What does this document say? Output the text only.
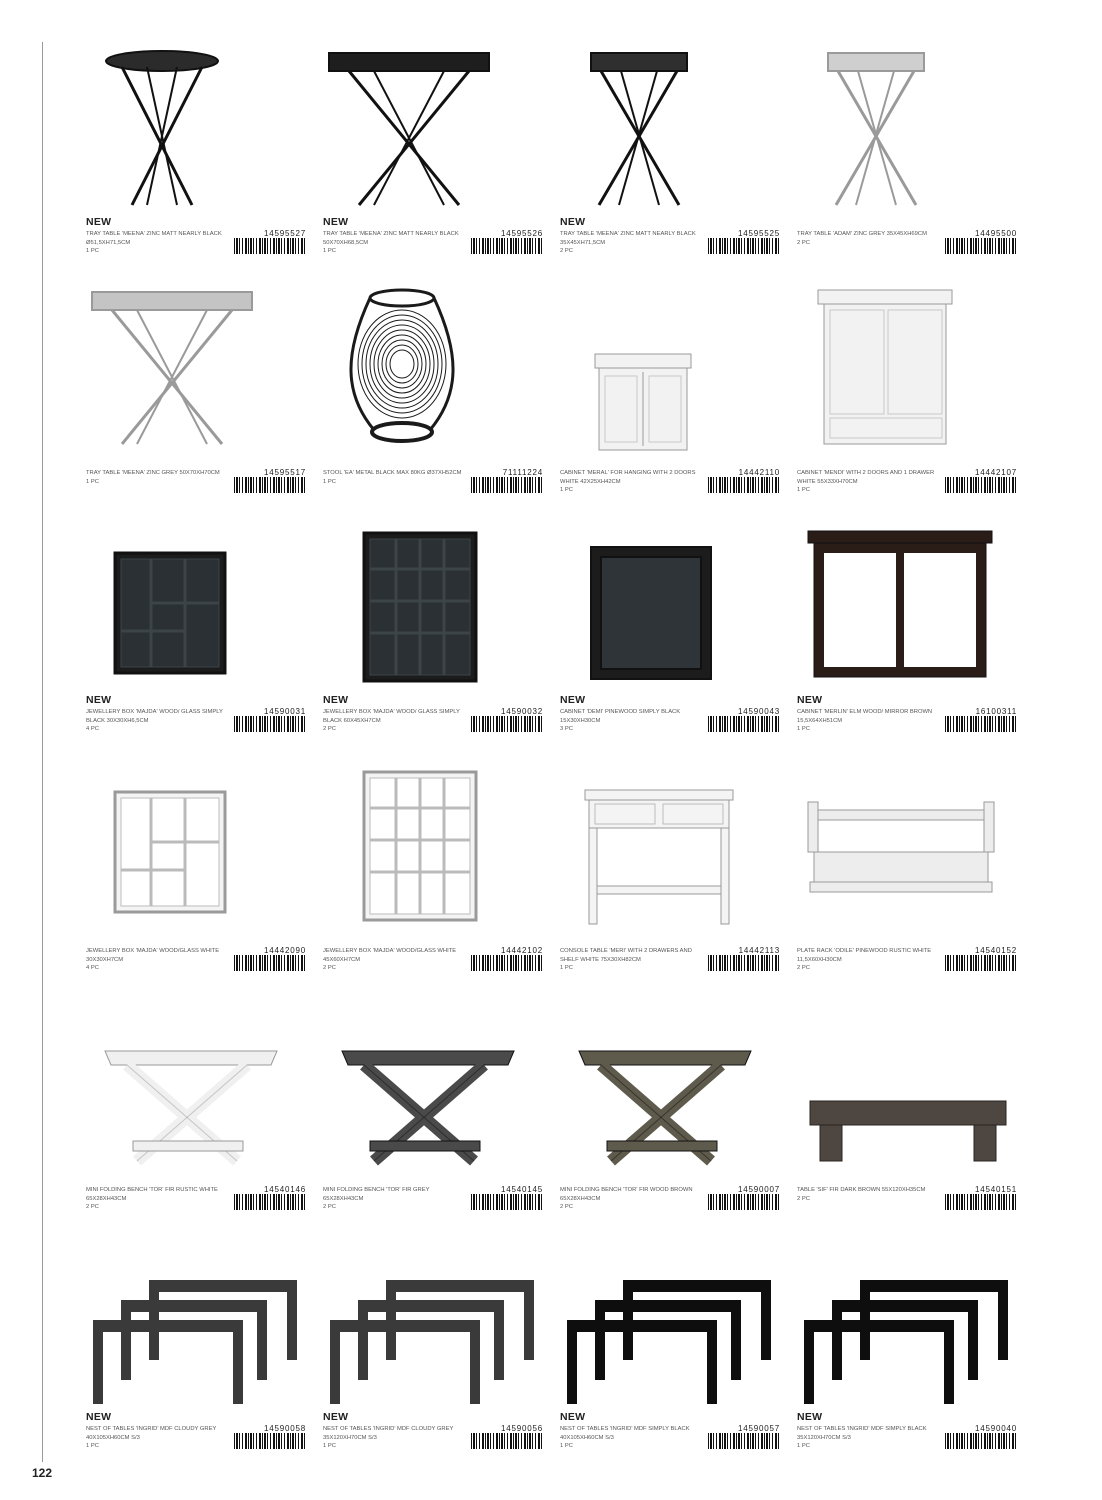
NEW
TRAY TABLE 'MEENA' ZINC MATT NEARLY BLACK Ø51,5XH71,5CM
1 PC
14595527
NEW
TRAY TABLE 'MEENA' ZINC MATT NEARLY BLACK 50X70XH68,5CM
1 PC
14595526
NEW
TRAY TABLE 'MEENA' ZINC MATT NEARLY BLACK 35X45XH71,5CM
2 PC
14595525	TRAY TABLE 'ADAM' ZINC GREY 35X45XH69CM
2 PC
14495500
TRAY TABLE 'MEENA' ZINC GREY 50X70XH70CM
1 PC
14595517	STOOL 'EA' METAL BLACK MAX 80KG Ø37XH52CM
1 PC
71111224	CABINET 'MERAL' FOR HANGING WITH 2 DOORS WHITE 42X25XH42CM
1 PC
14442110	CABINET 'MENDI' WITH 2 DOORS AND 1 DRAWER WHITE 55X33XH70CM
1 PC
14442107
NEW
JEWELLERY BOX 'MAJDA' WOOD/ GLASS SIMPLY BLACK 30X30XH6,5CM
4 PC
14590031
NEW
JEWELLERY BOX 'MAJDA' WOOD/ GLASS SIMPLY BLACK 60X45XH7CM
2 PC
14590032
NEW
CABINET 'DEMI' PINEWOOD SIMPLY BLACK 15X30XH30CM
3 PC
14590043
NEW
CABINET 'MERLIN' ELM WOOD/ MIRROR BROWN 15,5X64XH51CM
1 PC
16100311
JEWELLERY BOX 'MAJDA' WOOD/GLASS WHITE 30X30XH7CM
4 PC
14442090	JEWELLERY BOX 'MAJDA' WOOD/GLASS WHITE 45X60XH7CM
2 PC
14442102	CONSOLE TABLE 'MERI' WITH 2 DRAWERS AND SHELF WHITE 75X30XH82CM
1 PC
14442113	PLATE RACK 'ODILE' PINEWOOD RUSTIC WHITE 11,5X60XH30CM
2 PC
14540152
MINI FOLDING BENCH 'TOR' FIR RUSTIC WHITE 65X28XH43CM
2 PC
14540146	MINI FOLDING BENCH 'TOR' FIR GREY 65X28XH43CM
2 PC
14540145	MINI FOLDING BENCH 'TOR' FIR WOOD BROWN 65X28XH43CM
2 PC
14590007	TABLE 'SIF' FIR DARK BROWN 55X120XH35CM
2 PC
14540151
NEW
NEST OF TABLES 'INGRID' MDF CLOUDY GREY 40X105XH60CM S/3
1 PC
14590058
NEW
NEST OF TABLES 'INGRID' MDF CLOUDY GREY 35X120XH70CM S/3
1 PC
14590056
NEW
NEST OF TABLES 'INGRID' MDF SIMPLY BLACK 40X105XH60CM S/3
1 PC
14590057
NEW
NEST OF TABLES 'INGRID' MDF SIMPLY BLACK 35X120XH70CM S/3
1 PC
14590040
122
